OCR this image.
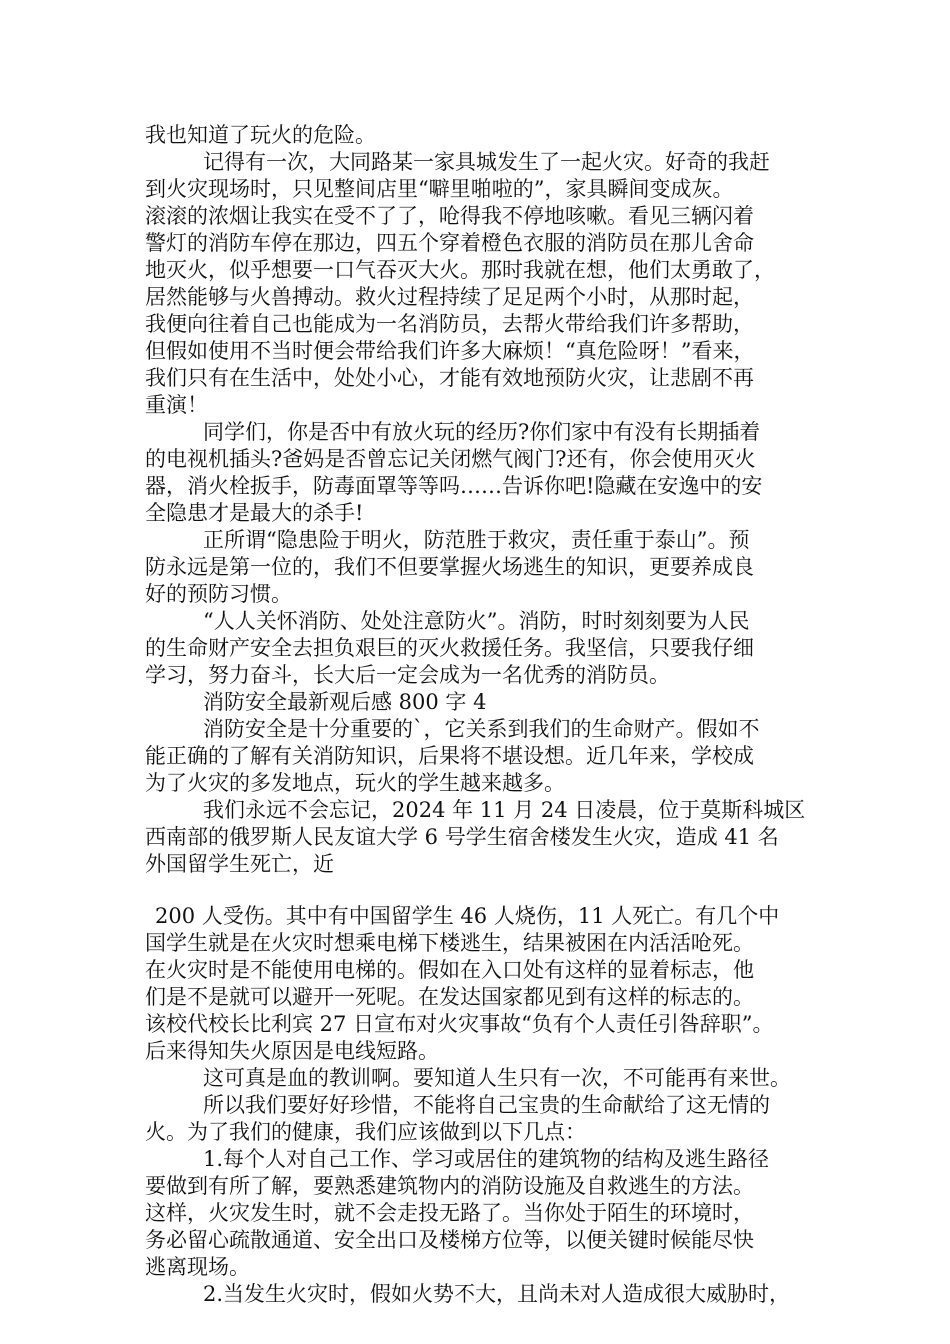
我也知道了玩火的危险。
记得有一次，大同路某一家具城发生了一起火灾。好奇的我赶
到火灾现场时，只见整间店里“噼里啪啦的”，家具瞬间变成灰。
滚滚的浓烟让我实在受不了了，呛得我不停地咳嗽。看见三辆闪着
警灯的消防车停在那边，四五个穿着橙色衣服的消防员在那儿舍命
地灭火，似乎想要一口气吞灭大火。那时我就在想，他们太勇敢了，
居然能够与火兽搏动。救火过程持续了足足两个小时，从那时起，
我便向往着自己也能成为一名消防员，去帮火带给我们许多帮助，
但假如使用不当时便会带给我们许多大麻烦！“真危险呀！”看来，
我们只有在生活中，处处小心，才能有效地预防火灾，让悲剧不再
重演！
同学们，你是否中有放火玩的经历?你们家中有没有长期插着
的电视机插头?爸妈是否曾忘记关闭燃气阀门?还有，你会使用灭火
器，消火栓扳手，防毒面罩等等吗……告诉你吧!隐藏在安逸中的安
全隐患才是最大的杀手!
正所谓“隐患险于明火，防范胜于救灾，责任重于泰山”。预
防永远是第一位的，我们不但要掌握火场逃生的知识，更要养成良
好的预防习惯。
“人人关怀消防、处处注意防火”。消防，时时刻刻要为人民
的生命财产安全去担负艰巨的灭火救援任务。我坚信，只要我仔细
学习，努力奋斗，长大后一定会成为一名优秀的消防员。
消防安全最新观后感 800 字 4
消防安全是十分重要的`，它关系到我们的生命财产。假如不
能正确的了解有关消防知识，后果将不堪设想。近几年来，学校成
为了火灾的多发地点，玩火的学生越来越多。
我们永远不会忘记，2024 年 11 月 24 日凌晨，位于莫斯科城区
西南部的俄罗斯人民友谊大学 6 号学生宿舍楼发生火灾，造成 41 名
外国留学生死亡，近
200 人受伤。其中有中国留学生 46 人烧伤，11 人死亡。有几个中
国学生就是在火灾时想乘电梯下楼逃生，结果被困在内活活呛死。
在火灾时是不能使用电梯的。假如在入口处有这样的显着标志，他
们是不是就可以避开一死呢。在发达国家都见到有这样的标志的。
该校代校长比利宾 27 日宣布对火灾事故“负有个人责任引咎辞职”。
后来得知失火原因是电线短路。
这可真是血的教训啊。要知道人生只有一次，不可能再有来世。
所以我们要好好珍惜，不能将自己宝贵的生命献给了这无情的
火。为了我们的健康，我们应该做到以下几点：
1.每个人对自己工作、学习或居住的建筑物的结构及逃生路径
要做到有所了解，要熟悉建筑物内的消防设施及自救逃生的方法。
这样，火灾发生时，就不会走投无路了。当你处于陌生的环境时，
务必留心疏散通道、安全出口及楼梯方位等，以便关键时候能尽快
逃离现场。
2.当发生火灾时，假如火势不大，且尚未对人造成很大威胁时，
